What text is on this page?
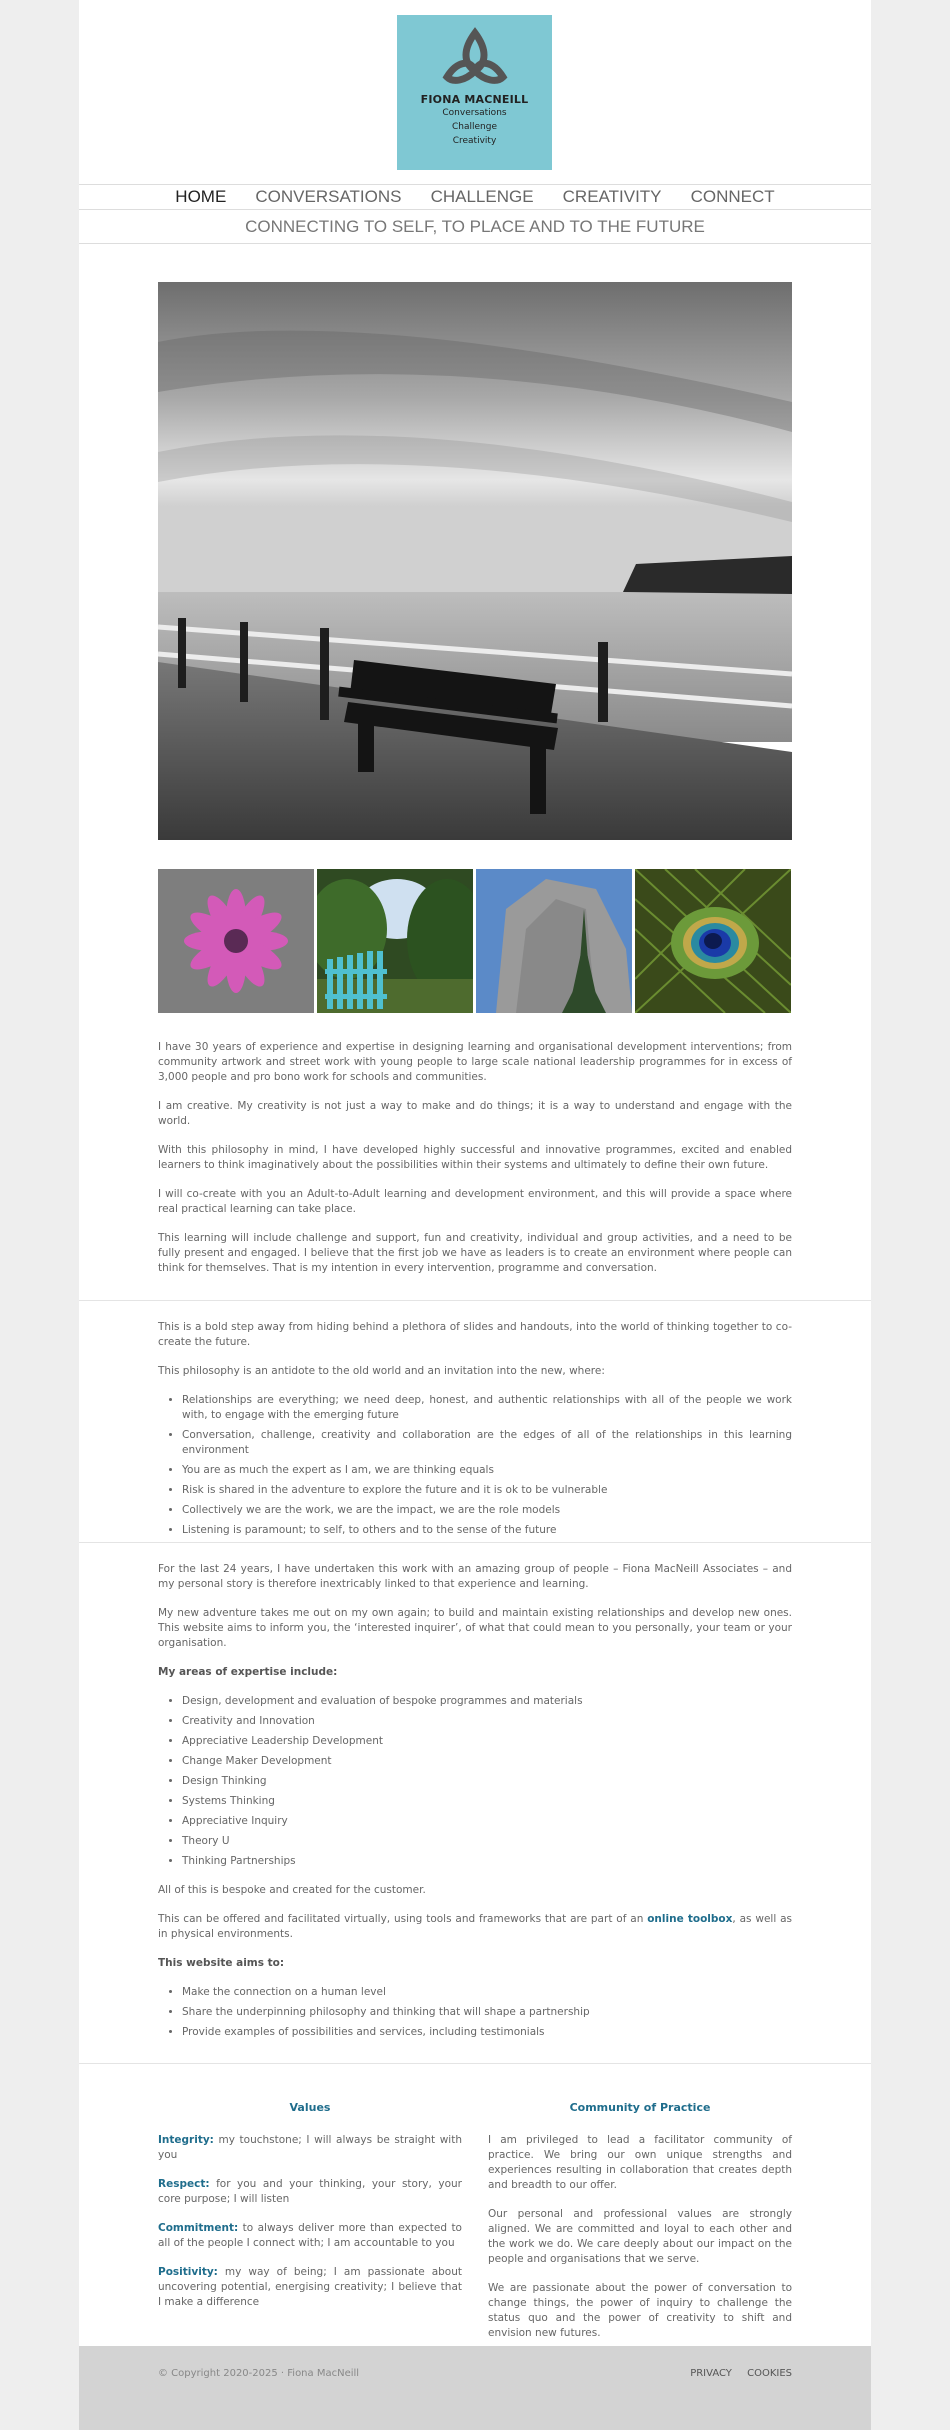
FIONA MACNEILL
Conversations
Challenge
Creativity
HOME CONVERSATIONS CHALLENGE CREATIVITY CONNECT
CONNECTING TO SELF, TO PLACE AND TO THE FUTURE

I have 30 years of experience and expertise in designing learning and organisational development interventions; from community artwork and street work with young people to large scale national leadership programmes for in excess of 3,000 people and pro bono work for schools and communities.

I am creative. My creativity is not just a way to make and do things; it is a way to understand and engage with the world.

With this philosophy in mind, I have developed highly successful and innovative programmes, excited and enabled learners to think imaginatively about the possibilities within their systems and ultimately to define their own future.

I will co-create with you an Adult-to-Adult learning and development environment, and this will provide a space where real practical learning can take place.

This learning will include challenge and support, fun and creativity, individual and group activities, and a need to be fully present and engaged. I believe that the first job we have as leaders is to create an environment where people can think for themselves. That is my intention in every intervention, programme and conversation.

This is a bold step away from hiding behind a plethora of slides and handouts, into the world of thinking together to co-create the future.

This philosophy is an antidote to the old world and an invitation into the new, where:

• Relationships are everything; we need deep, honest, and authentic relationships with all of the people we work with, to engage with the emerging future
• Conversation, challenge, creativity and collaboration are the edges of all of the relationships in this learning environment
• You are as much the expert as I am, we are thinking equals
• Risk is shared in the adventure to explore the future and it is ok to be vulnerable
• Collectively we are the work, we are the impact, we are the role models
• Listening is paramount; to self, to others and to the sense of the future

For the last 24 years, I have undertaken this work with an amazing group of people – Fiona MacNeill Associates – and my personal story is therefore inextricably linked to that experience and learning.

My new adventure takes me out on my own again; to build and maintain existing relationships and develop new ones. This website aims to inform you, the ‘interested inquirer’, of what that could mean to you personally, your team or your organisation.

My areas of expertise include:

• Design, development and evaluation of bespoke programmes and materials
• Creativity and Innovation
• Appreciative Leadership Development
• Change Maker Development
• Design Thinking
• Systems Thinking
• Appreciative Inquiry
• Theory U
• Thinking Partnerships

All of this is bespoke and created for the customer.

This can be offered and facilitated virtually, using tools and frameworks that are part of an online toolbox, as well as in physical environments.

This website aims to:

• Make the connection on a human level
• Share the underpinning philosophy and thinking that will shape a partnership
• Provide examples of possibilities and services, including testimonials
Values

Integrity: my touchstone; I will always be straight with you

Respect: for you and your thinking, your story, your core purpose; I will listen

Commitment: to always deliver more than expected to all of the people I connect with; I am accountable to you

Positivity: my way of being; I am passionate about uncovering potential, energising creativity; I believe that I make a difference

Community of Practice

I am privileged to lead a facilitator community of practice. We bring our own unique strengths and experiences resulting in collaboration that creates depth and breadth to our offer.

Our personal and professional values are strongly aligned. We are committed and loyal to each other and the work we do. We care deeply about our impact on the people and organisations that we serve.

We are passionate about the power of conversation to change things, the power of inquiry to challenge the status quo and the power of creativity to shift and envision new futures.

© Copyright 2020-2025 · Fiona MacNeill	PRIVACY COOKIES
